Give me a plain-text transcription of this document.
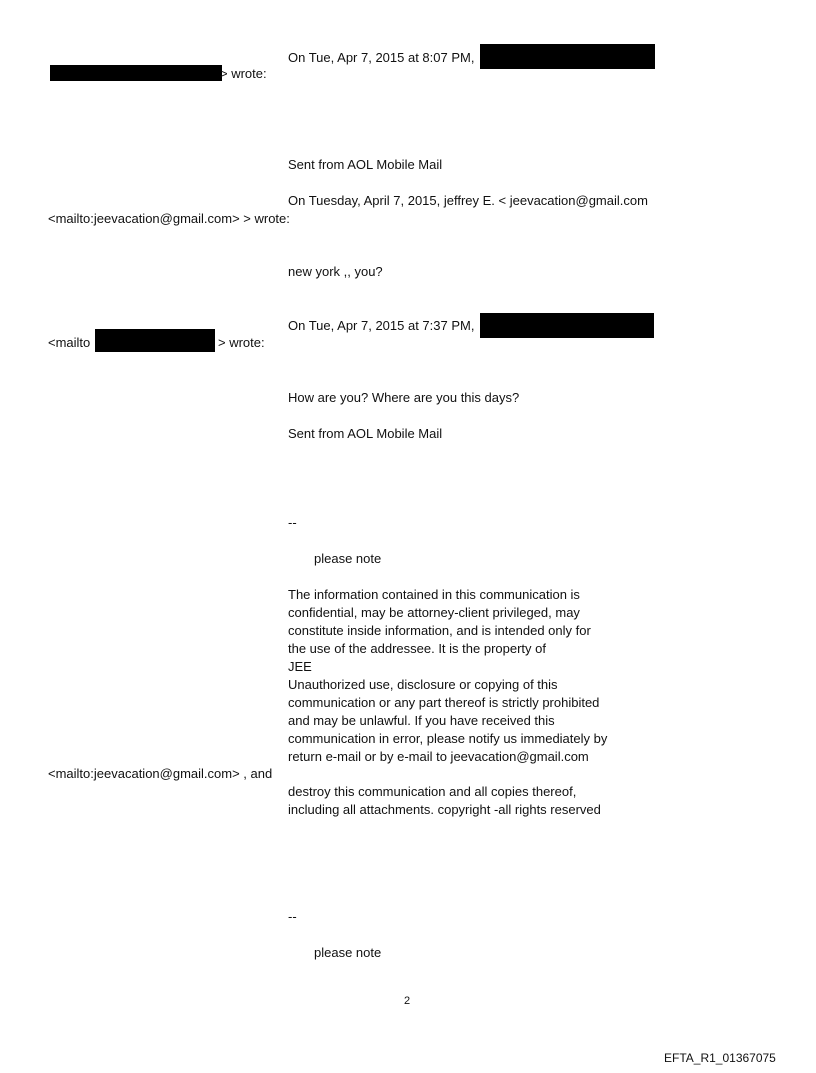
On Tue, Apr 7, 2015 at 8:07 PM,
> wrote:
Sent from AOL Mobile Mail
On Tuesday, April 7, 2015, jeffrey E. < jeevacation@gmail.com
<mailto:jeevacation@gmail.com> > wrote:
new york ,, you?
On Tue, Apr 7, 2015 at 7:37 PM,
<mailto	> wrote:
How are you? Where are you this days?
Sent from AOL Mobile Mail
--
please note
The information contained in this communication is
confidential, may be attorney-client privileged, may
constitute inside information, and is intended only for
the use of the addressee. It is the property of
JEE
Unauthorized use, disclosure or copying of this
communication or any part thereof is strictly prohibited
and may be unlawful. If you have received this
communication in error, please notify us immediately by
return e-mail or by e-mail to jeevacation@gmail.com
<mailto:jeevacation@gmail.com> , and
destroy this communication and all copies thereof,
including all attachments. copyright -all rights reserved
--
please note
2
EFTA_R1_01367075
